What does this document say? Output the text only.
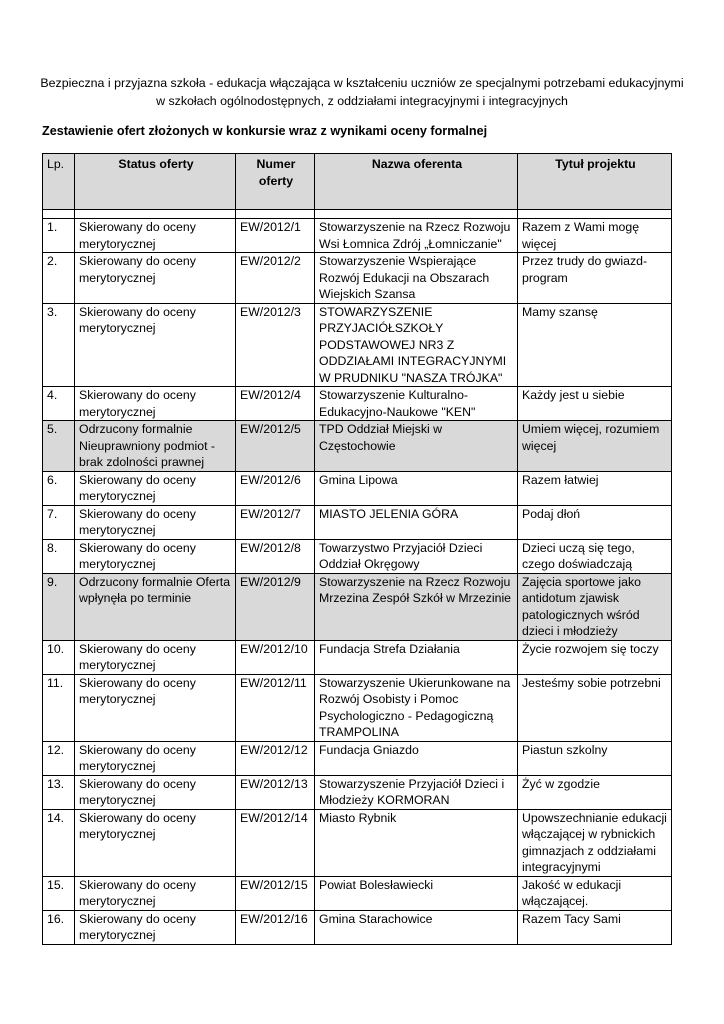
Bezpieczna i przyjazna szkoła - edukacja włączająca w kształceniu uczniów ze specjalnymi potrzebami edukacyjnymi
w szkołach ogólnodostępnych, z oddziałami integracyjnymi i integracyjnych
Zestawienie ofert złożonych w konkursie wraz z wynikami oceny formalnej
Lp.	Status oferty	Numer oferty	Nazwa oferenta	Tytuł projektu

1.	Skierowany do oceny merytorycznej	EW/2012/1	Stowarzyszenie na Rzecz Rozwoju Wsi Łomnica Zdrój „Łomniczanie"	Razem z Wami mogę więcej
2.	Skierowany do oceny merytorycznej	EW/2012/2	Stowarzyszenie Wspierające Rozwój Edukacji na Obszarach Wiejskich Szansa	Przez trudy do gwiazd-program
3.	Skierowany do oceny merytorycznej	EW/2012/3	STOWARZYSZENIE PRZYJACIÓŁSZKOŁY PODSTAWOWEJ NR3 Z ODDZIAŁAMI INTEGRACYJNYMI W PRUDNIKU "NASZA TRÓJKA"	Mamy szansę
4.	Skierowany do oceny merytorycznej	EW/2012/4	Stowarzyszenie Kulturalno-Edukacyjno-Naukowe "KEN"	Każdy jest u siebie
5.	Odrzucony formalnie Nieuprawniony podmiot - brak zdolności prawnej	EW/2012/5	TPD Oddział Miejski w Częstochowie	Umiem więcej, rozumiem więcej
6.	Skierowany do oceny merytorycznej	EW/2012/6	Gmina Lipowa	Razem łatwiej
7.	Skierowany do oceny merytorycznej	EW/2012/7	MIASTO JELENIA GÓRA	Podaj dłoń
8.	Skierowany do oceny merytorycznej	EW/2012/8	Towarzystwo Przyjaciół Dzieci Oddział Okręgowy	Dzieci uczą się tego, czego doświadczają
9.	Odrzucony formalnie Oferta wpłynęła po terminie	EW/2012/9	Stowarzyszenie na Rzecz Rozwoju Mrzezina Zespół Szkół w Mrzezinie	Zajęcia sportowe jako antidotum zjawisk patologicznych wśród dzieci i młodzieży
10.	Skierowany do oceny merytorycznej	EW/2012/10	Fundacja Strefa Działania	Życie rozwojem się toczy
11.	Skierowany do oceny merytorycznej	EW/2012/11	Stowarzyszenie Ukierunkowane na Rozwój Osobisty i Pomoc Psychologiczno - Pedagogiczną TRAMPOLINA	Jesteśmy sobie potrzebni
12.	Skierowany do oceny merytorycznej	EW/2012/12	Fundacja Gniazdo	Piastun szkolny
13.	Skierowany do oceny merytorycznej	EW/2012/13	Stowarzyszenie Przyjaciół Dzieci i Młodzieży KORMORAN	Żyć w zgodzie
14.	Skierowany do oceny merytorycznej	EW/2012/14	Miasto Rybnik	Upowszechnianie edukacji włączającej w rybnickich gimnazjach z oddziałami integracyjnymi
15.	Skierowany do oceny merytorycznej	EW/2012/15	Powiat Bolesławiecki	Jakość w edukacji włączającej.
16.	Skierowany do oceny merytorycznej	EW/2012/16	Gmina Starachowice	Razem Tacy Sami
